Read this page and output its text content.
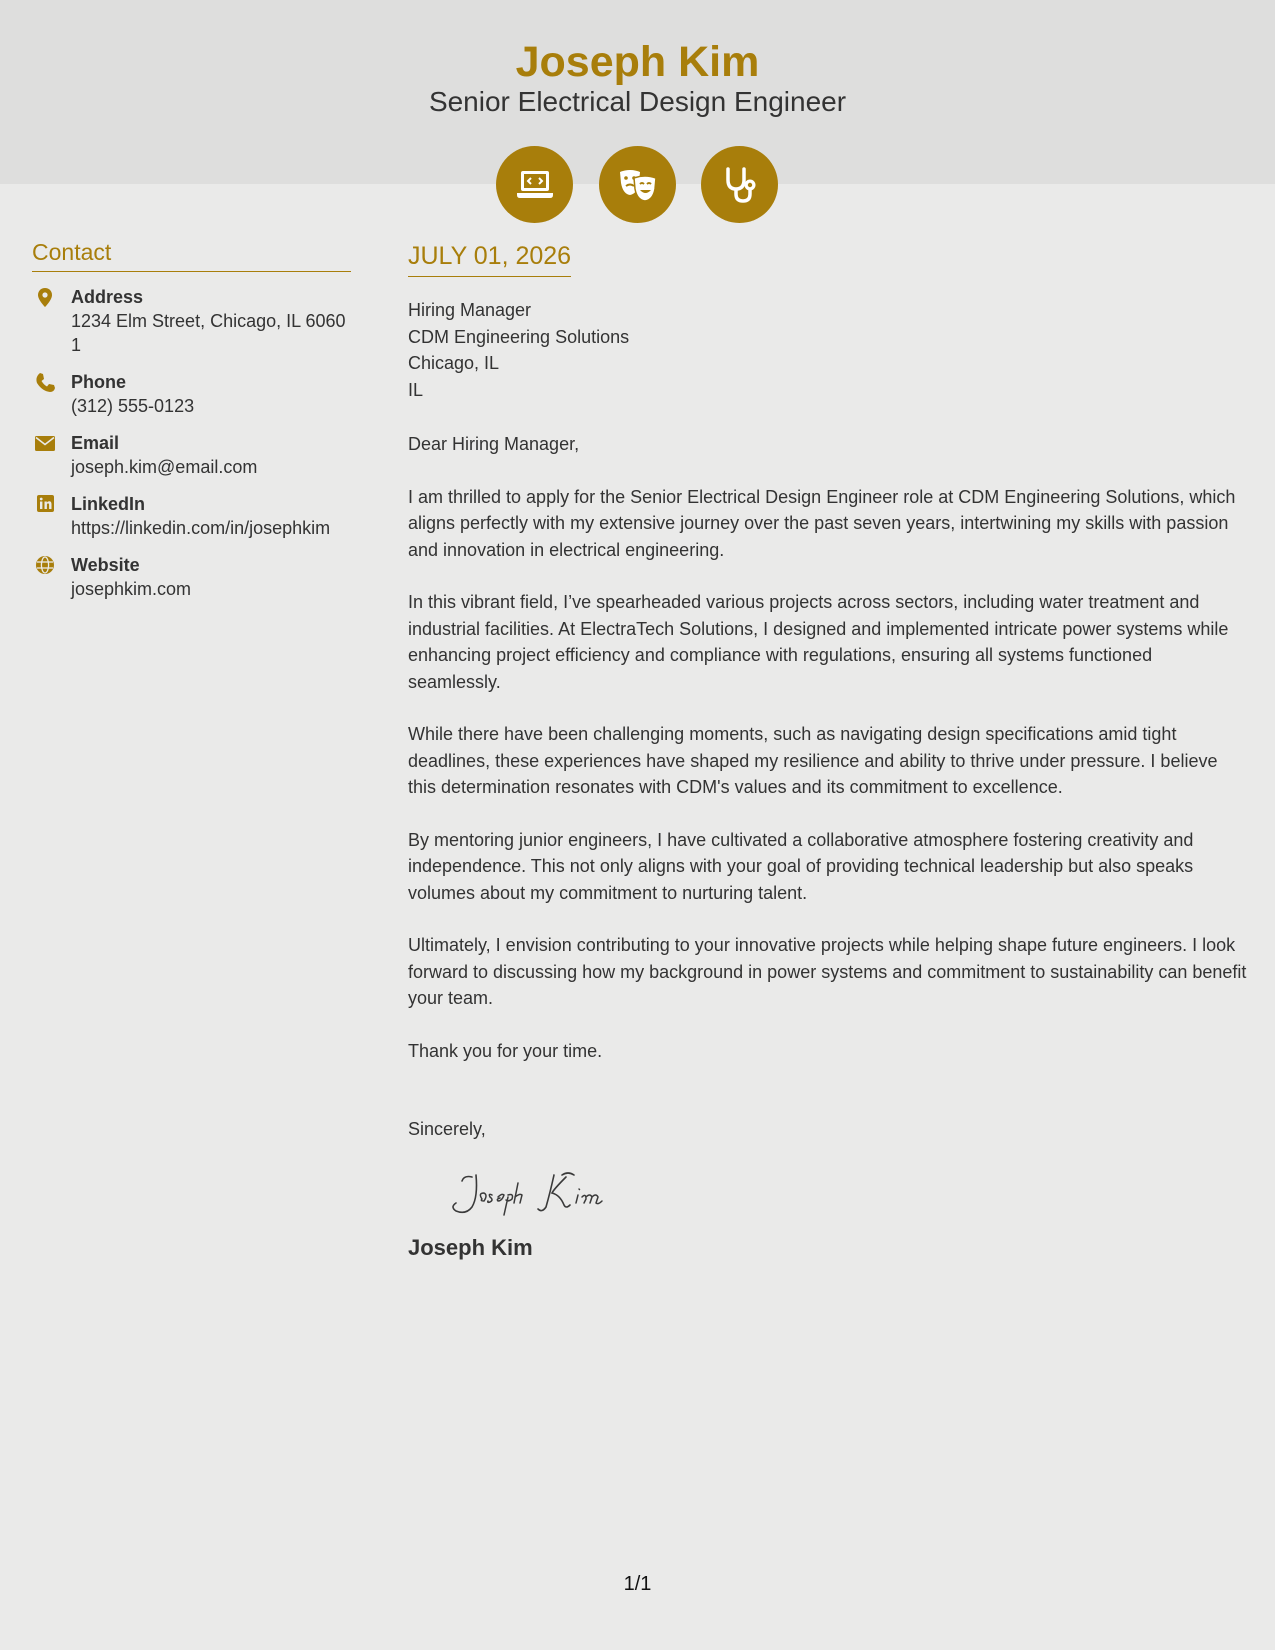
Joseph Kim
Senior Electrical Design Engineer
Contact
Address
1234 Elm Street, Chicago, IL 60601
Phone
(312) 555-0123
Email
joseph.kim@email.com
LinkedIn
https://linkedin.com/in/josephkim
Website
josephkim.com
JULY 01, 2026
Hiring Manager
CDM Engineering Solutions
Chicago, IL
IL
Dear Hiring Manager,
I am thrilled to apply for the Senior Electrical Design Engineer role at CDM Engineering Solutions, which aligns perfectly with my extensive journey over the past seven years, intertwining my skills with passion and innovation in electrical engineering.
In this vibrant field, I’ve spearheaded various projects across sectors, including water treatment and industrial facilities. At ElectraTech Solutions, I designed and implemented intricate power systems while enhancing project efficiency and compliance with regulations, ensuring all systems functioned seamlessly.
While there have been challenging moments, such as navigating design specifications amid tight deadlines, these experiences have shaped my resilience and ability to thrive under pressure. I believe this determination resonates with CDM's values and its commitment to excellence.
By mentoring junior engineers, I have cultivated a collaborative atmosphere fostering creativity and independence. This not only aligns with your goal of providing technical leadership but also speaks volumes about my commitment to nurturing talent.
Ultimately, I envision contributing to your innovative projects while helping shape future engineers. I look forward to discussing how my background in power systems and commitment to sustainability can benefit your team.
Thank you for your time.
Sincerely,
Joseph Kim
1/1
